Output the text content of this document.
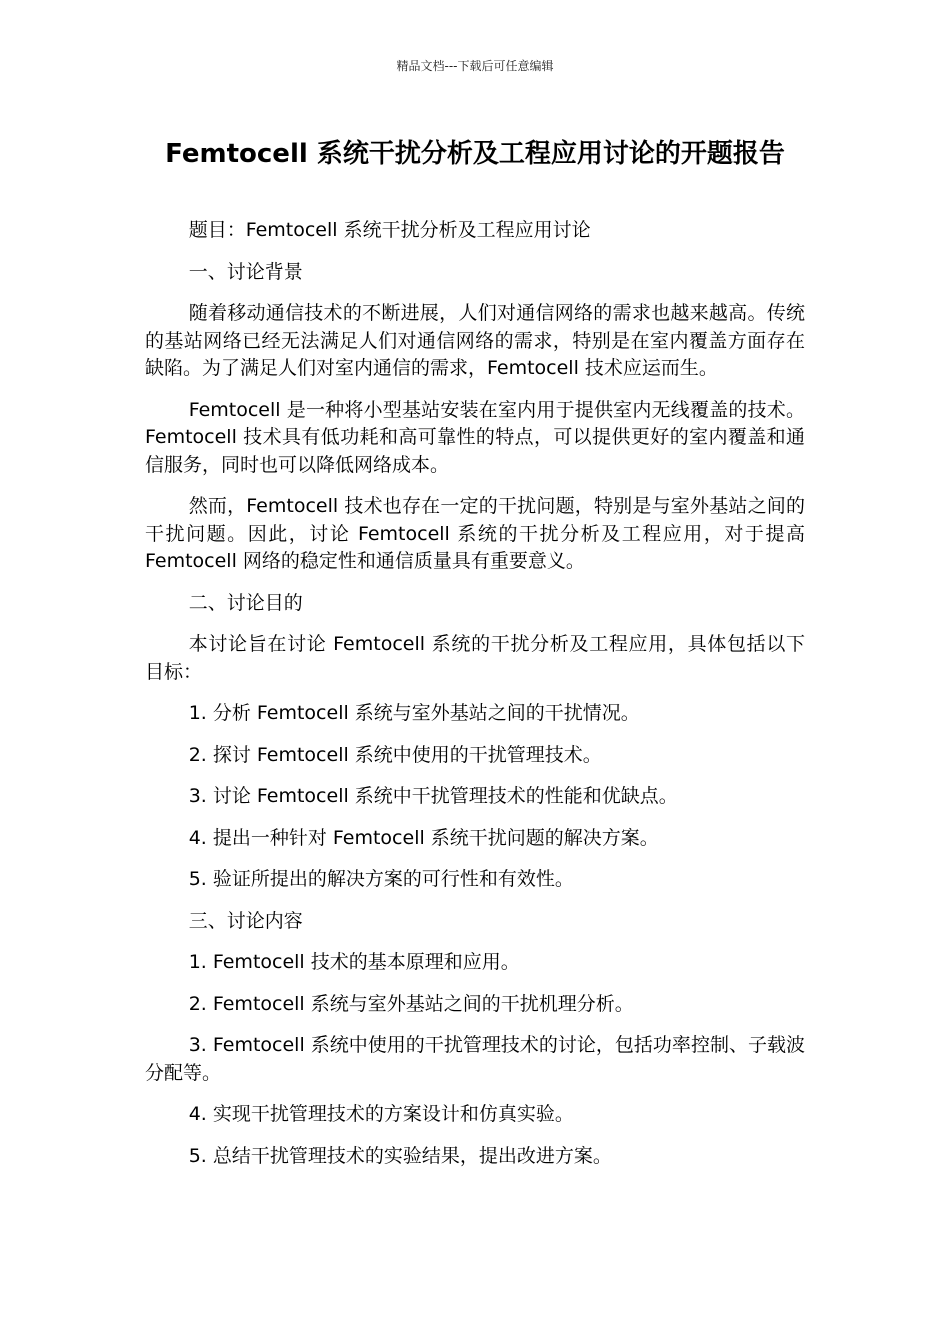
精品文档---下载后可任意编辑
Femtocell 系统干扰分析及工程应用讨论的开题报告

题目：Femtocell 系统干扰分析及工程应用讨论

一、讨论背景

随着移动通信技术的不断进展，人们对通信网络的需求也越来越高。传统的基站网络已经无法满足人们对通信网络的需求，特别是在室内覆盖方面存在缺陷。为了满足人们对室内通信的需求，Femtocell 技术应运而生。

Femtocell 是一种将小型基站安装在室内用于提供室内无线覆盖的技术。Femtocell 技术具有低功耗和高可靠性的特点，可以提供更好的室内覆盖和通信服务，同时也可以降低网络成本。

然而，Femtocell 技术也存在一定的干扰问题，特别是与室外基站之间的干扰问题。因此，讨论 Femtocell 系统的干扰分析及工程应用，对于提高 Femtocell 网络的稳定性和通信质量具有重要意义。

二、讨论目的

本讨论旨在讨论 Femtocell 系统的干扰分析及工程应用，具体包括以下目标：

1. 分析 Femtocell 系统与室外基站之间的干扰情况。

2. 探讨 Femtocell 系统中使用的干扰管理技术。

3. 讨论 Femtocell 系统中干扰管理技术的性能和优缺点。

4. 提出一种针对 Femtocell 系统干扰问题的解决方案。

5. 验证所提出的解决方案的可行性和有效性。

三、讨论内容

1. Femtocell 技术的基本原理和应用。

2. Femtocell 系统与室外基站之间的干扰机理分析。

3. Femtocell 系统中使用的干扰管理技术的讨论，包括功率控制、子载波分配等。

4. 实现干扰管理技术的方案设计和仿真实验。

5. 总结干扰管理技术的实验结果，提出改进方案。
